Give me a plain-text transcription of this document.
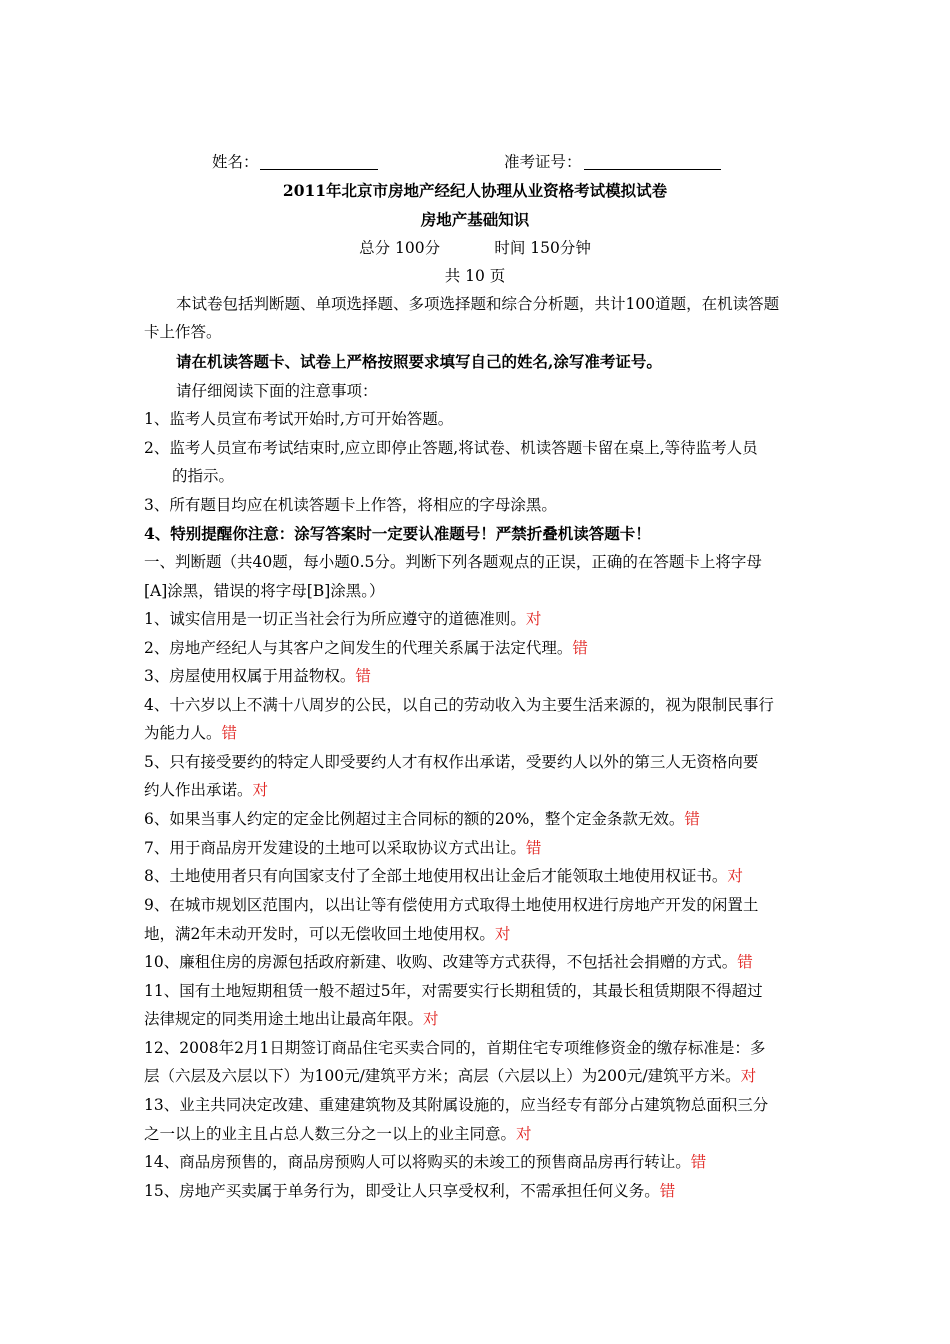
姓名：	准考证号：
2011年北京市房地产经纪人协理从业资格考试模拟试卷
房地产基础知识
总分 100分           时间 150分钟
共 10 页
本试卷包括判断题、单项选择题、多项选择题和综合分析题，共计100道题，在机读答题
卡上作答。
请在机读答题卡、试卷上严格按照要求填写自己的姓名,涂写准考证号。
请仔细阅读下面的注意事项：
1、监考人员宣布考试开始时,方可开始答题。
2、监考人员宣布考试结束时,应立即停止答题,将试卷、机读答题卡留在桌上,等待监考人员
的指示。
3、所有题目均应在机读答题卡上作答，将相应的字母涂黑。
4、特别提醒你注意：涂写答案时一定要认准题号！严禁折叠机读答题卡！
一、判断题（共40题，每小题0.5分。判断下列各题观点的正误，正确的在答题卡上将字母
[A]涂黑，错误的将字母[B]涂黑。）
1、诚实信用是一切正当社会行为所应遵守的道德准则。对
2、房地产经纪人与其客户之间发生的代理关系属于法定代理。错
3、房屋使用权属于用益物权。错
4、十六岁以上不满十八周岁的公民，以自己的劳动收入为主要生活来源的，视为限制民事行
为能力人。错
5、只有接受要约的特定人即受要约人才有权作出承诺，受要约人以外的第三人无资格向要
约人作出承诺。对
6、如果当事人约定的定金比例超过主合同标的额的20%，整个定金条款无效。错
7、用于商品房开发建设的土地可以采取协议方式出让。错
8、土地使用者只有向国家支付了全部土地使用权出让金后才能领取土地使用权证书。对
9、在城市规划区范围内，以出让等有偿使用方式取得土地使用权进行房地产开发的闲置土
地，满2年未动开发时，可以无偿收回土地使用权。对
10、廉租住房的房源包括政府新建、收购、改建等方式获得，不包括社会捐赠的方式。错
11、国有土地短期租赁一般不超过5年，对需要实行长期租赁的，其最长租赁期限不得超过
法律规定的同类用途土地出让最高年限。对
12、2008年2月1日期签订商品住宅买卖合同的，首期住宅专项维修资金的缴存标准是：多
层（六层及六层以下）为100元/建筑平方米；高层（六层以上）为200元/建筑平方米。对
13、业主共同决定改建、重建建筑物及其附属设施的，应当经专有部分占建筑物总面积三分
之一以上的业主且占总人数三分之一以上的业主同意。对
14、商品房预售的，商品房预购人可以将购买的未竣工的预售商品房再行转让。错
15、房地产买卖属于单务行为，即受让人只享受权利，不需承担任何义务。错
